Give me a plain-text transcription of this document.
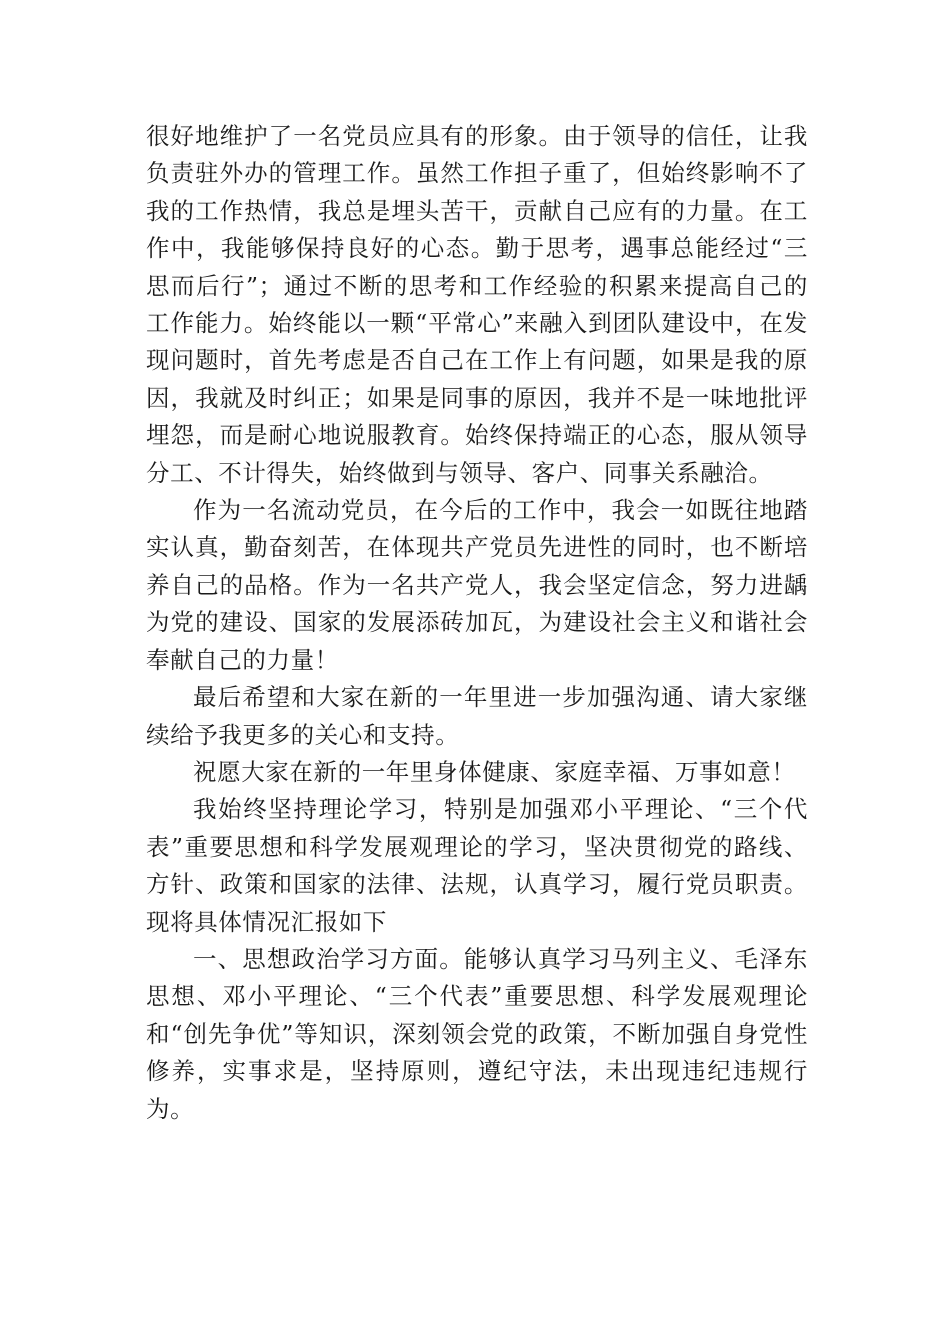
很好地维护了一名党员应具有的形象。由于领导的信任，让我负责驻外办的管理工作。虽然工作担子重了，但始终影响不了我的工作热情，我总是埋头苦干，贡献自己应有的力量。在工作中，我能够保持良好的心态。勤于思考，遇事总能经过“三思而后行”；通过不断的思考和工作经验的积累来提高自己的工作能力。始终能以一颗“平常心”来融入到团队建设中，在发现问题时，首先考虑是否自己在工作上有问题，如果是我的原因，我就及时纠正；如果是同事的原因，我并不是一味地批评埋怨，而是耐心地说服教育。始终保持端正的心态，服从领导分工、不计得失，始终做到与领导、客户、同事关系融洽。

作为一名流动党员，在今后的工作中，我会一如既往地踏实认真，勤奋刻苦，在体现共产党员先进性的同时，也不断培养自己的品格。作为一名共产党人，我会坚定信念，努力进龋为党的建设、国家的发展添砖加瓦，为建设社会主义和谐社会奉献自己的力量！

最后希望和大家在新的一年里进一步加强沟通、请大家继续给予我更多的关心和支持。

祝愿大家在新的一年里身体健康、家庭幸福、万事如意！

我始终坚持理论学习，特别是加强邓小平理论、“三个代表”重要思想和科学发展观理论的学习，坚决贯彻党的路线、方针、政策和国家的法律、法规，认真学习，履行党员职责。现将具体情况汇报如下

一、思想政治学习方面。能够认真学习马列主义、毛泽东思想、邓小平理论、“三个代表”重要思想、科学发展观理论和“创先争优”等知识，深刻领会党的政策，不断加强自身党性修养，实事求是，坚持原则，遵纪守法，未出现违纪违规行为。
